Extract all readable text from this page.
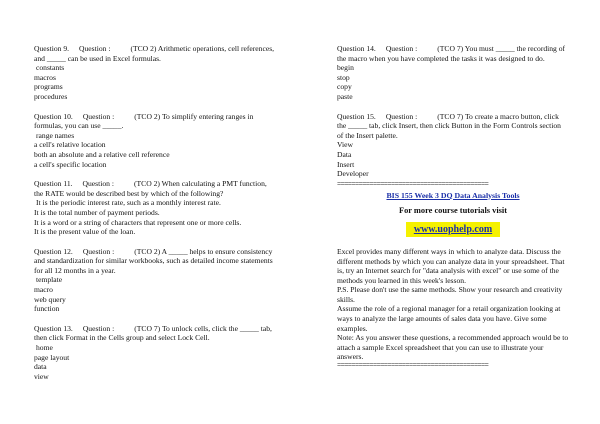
Question 9. Question :	(TCO 2) Arithmetic operations, cell references, and _____ can be used in Excel formulas.
constants
macros
programs
procedures
Question 10. Question :	(TCO 2) To simplify entering ranges in formulas, you can use _____.
range names
a cell's relative location
both an absolute and a relative cell reference
a cell's specific location
Question 11. Question :	(TCO 2) When calculating a PMT function, the RATE would be described best by which of the following?
It is the periodic interest rate, such as a monthly interest rate.
It is the total number of payment periods.
It is a word or a string of characters that represent one or more cells.
It is the present value of the loan.
Question 12. Question :	(TCO 2) A _____ helps to ensure consistency and standardization for similar workbooks, such as detailed income statements for all 12 months in a year.
template
macro
web query
function
Question 13. Question :	(TCO 7) To unlock cells, click the _____ tab, then click Format in the Cells group and select Lock Cell.
home
page layout
data
view
Question 14. Question :	(TCO 7) You must _____ the recording of the macro when you have completed the tasks it was designed to do.
begin
stop
copy
paste
Question 15. Question :	(TCO 7) To create a macro button, click the _____ tab, click Insert, then click Button in the Form Controls section of the Insert palette.
View
Data
Insert
Developer
==========================================
BIS 155 Week 3 DQ Data Analysis Tools
For more course tutorials visit
www.uophelp.com
Excel provides many different ways in which to analyze data. Discuss the different methods by which you can analyze data in your spreadsheet. That is, try an Internet search for "data analysis with excel" or use some of the methods you learned in this week's lesson.
P.S. Please don't use the same methods. Show your research and creativity skills.
Assume the role of a regional manager for a retail organization looking at ways to analyze the large amounts of sales data you have. Give some examples.
Note: As you answer these questions, a recommended approach would be to attach a sample Excel spreadsheet that you can use to illustrate your answers.
==========================================
